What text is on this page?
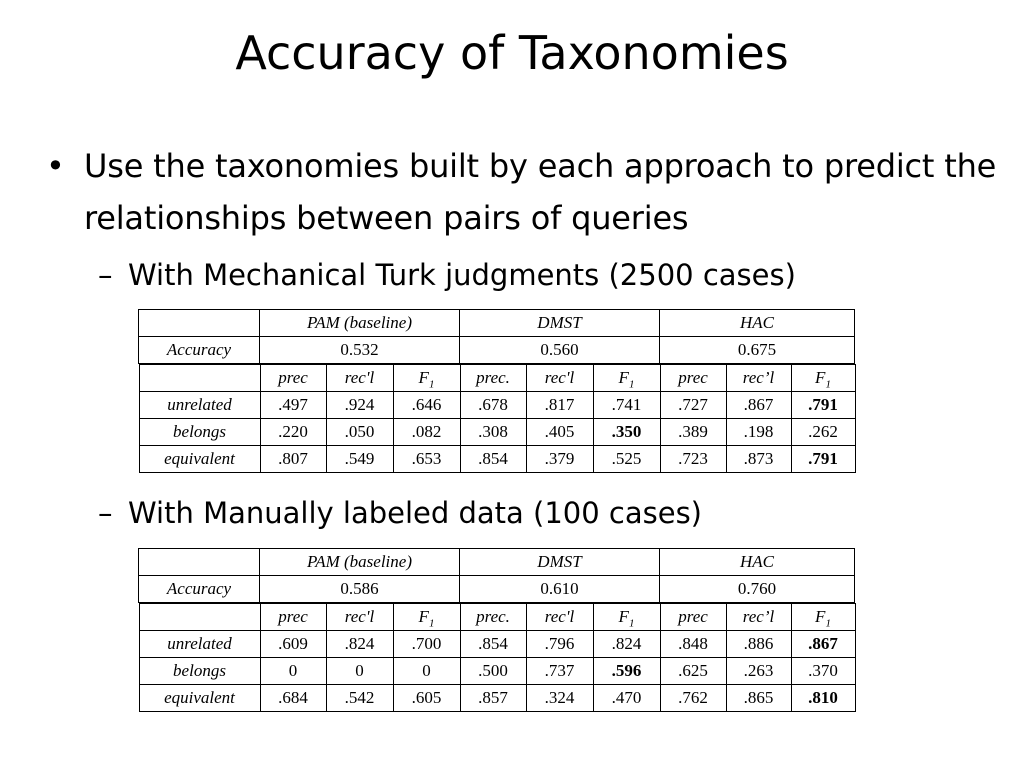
Accuracy of Taxonomies
• Use the taxonomies built by each approach to predict the relationships between pairs of queries
– With Mechanical Turk judgments (2500 cases)
	PAM (baseline)	DMST	HAC
Accuracy	0.532	0.560	0.675

	prec	rec'l	$F_1$	prec.	rec'l	$F_1$	prec	rec’l	$F_1$
unrelated	.497	.924	.646	.678	.817	.741	.727	.867	.791
belongs	.220	.050	.082	.308	.405	.350	.389	.198	.262
equivalent	.807	.549	.653	.854	.379	.525	.723	.873	.791
– With Manually labeled data (100 cases)
	PAM (baseline)	DMST	HAC
Accuracy	0.586	0.610	0.760

	prec	rec'l	$F_1$	prec.	rec'l	$F_1$	prec	rec’l	$F_1$
unrelated	.609	.824	.700	.854	.796	.824	.848	.886	.867
belongs	0	0	0	.500	.737	.596	.625	.263	.370
equivalent	.684	.542	.605	.857	.324	.470	.762	.865	.810
